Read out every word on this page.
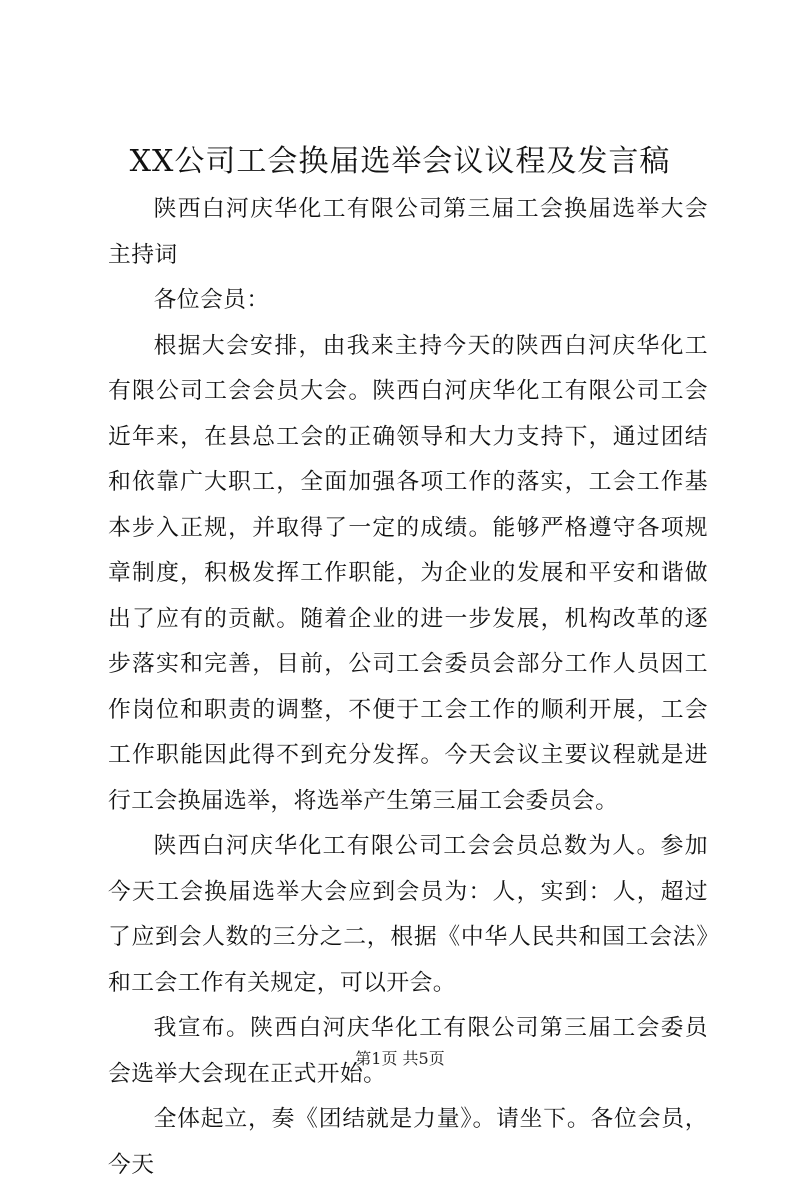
XX公司工会换届选举会议议程及发言稿

陕西白河庆华化工有限公司第三届工会换届选举大会主持词

各位会员：

根据大会安排，由我来主持今天的陕西白河庆华化工有限公司工会会员大会。陕西白河庆华化工有限公司工会近年来，在县总工会的正确领导和大力支持下，通过团结和依靠广大职工，全面加强各项工作的落实，工会工作基本步入正规，并取得了一定的成绩。能够严格遵守各项规章制度，积极发挥工作职能，为企业的发展和平安和谐做出了应有的贡献。随着企业的进一步发展，机构改革的逐步落实和完善，目前，公司工会委员会部分工作人员因工作岗位和职责的调整，不便于工会工作的顺利开展，工会工作职能因此得不到充分发挥。今天会议主要议程就是进行工会换届选举，将选举产生第三届工会委员会。

陕西白河庆华化工有限公司工会会员总数为人。参加今天工会换届选举大会应到会员为：人，实到：人，超过了应到会人数的三分之二，根据《中华人民共和国工会法》和工会工作有关规定，可以开会。

我宣布。陕西白河庆华化工有限公司第三届工会委员会选举大会现在正式开始。

全体起立，奏《团结就是力量》。请坐下。各位会员，今天

第1页 共5页
